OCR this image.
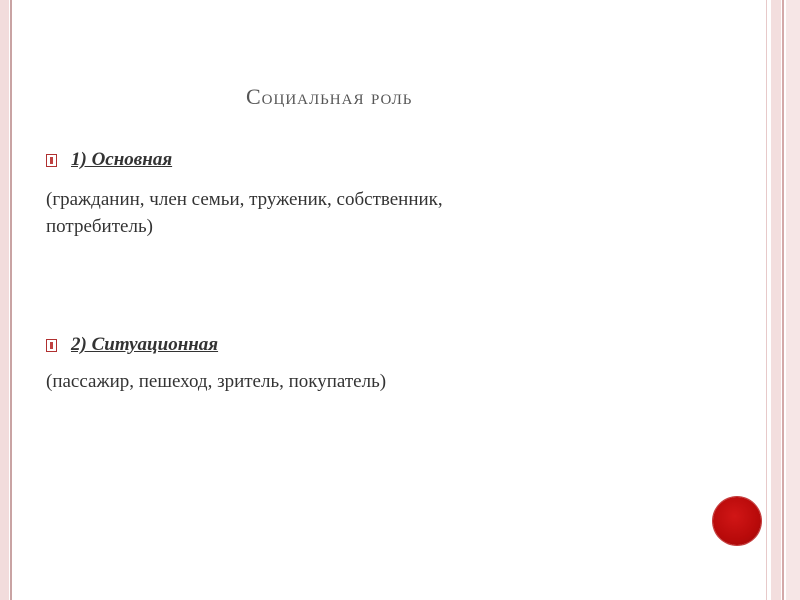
Социальная роль
1) Основная
(гражданин, член семьи, труженик, собственник,
потребитель)
2) Ситуационная
(пассажир, пешеход, зритель, покупатель)
